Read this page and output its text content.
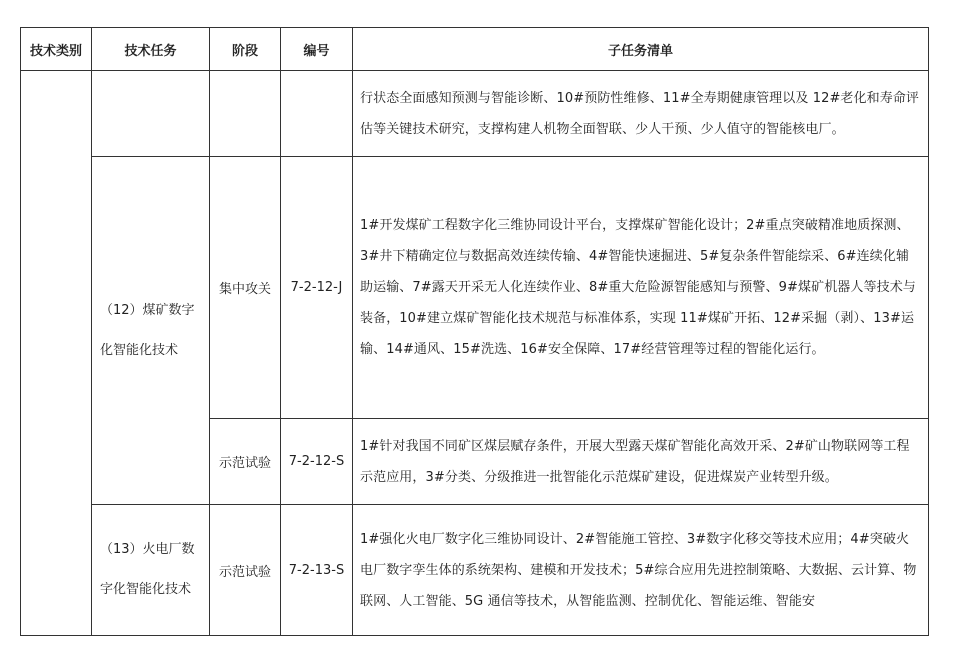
技术类别	技术任务	阶段	编号	子任务清单

			行状态全面感知预测与智能诊断、10#预防性维修、11#全寿期健康管理以及 12#老化和寿命评估等关键技术研究，支撑构建人机物全面智联、少人干预、少人值守的智能核电厂。

	（12）煤矿数字化智能化技术	集中攻关	7-2-12-J	1#开发煤矿工程数字化三维协同设计平台，支撑煤矿智能化设计；2#重点突破精准地质探测、3#井下精确定位与数据高效连续传输、4#智能快速掘进、5#复杂条件智能综采、6#连续化辅助运输、7#露天开采无人化连续作业、8#重大危险源智能感知与预警、9#煤矿机器人等技术与装备，10#建立煤矿智能化技术规范与标准体系，实现 11#煤矿开拓、12#采掘（剥）、13#运输、14#通风、15#洗选、16#安全保障、17#经营管理等过程的智能化运行。
		示范试验	7-2-12-S	1#针对我国不同矿区煤层赋存条件，开展大型露天煤矿智能化高效开采、2#矿山物联网等工程示范应用，3#分类、分级推进一批智能化示范煤矿建设，促进煤炭产业转型升级。

	（13）火电厂数字化智能化技术	示范试验	7-2-13-S	1#强化火电厂数字化三维协同设计、2#智能施工管控、3#数字化移交等技术应用；4#突破火电厂数字孪生体的系统架构、建模和开发技术；5#综合应用先进控制策略、大数据、云计算、物联网、人工智能、5G 通信等技术，从智能监测、控制优化、智能运维、智能安
